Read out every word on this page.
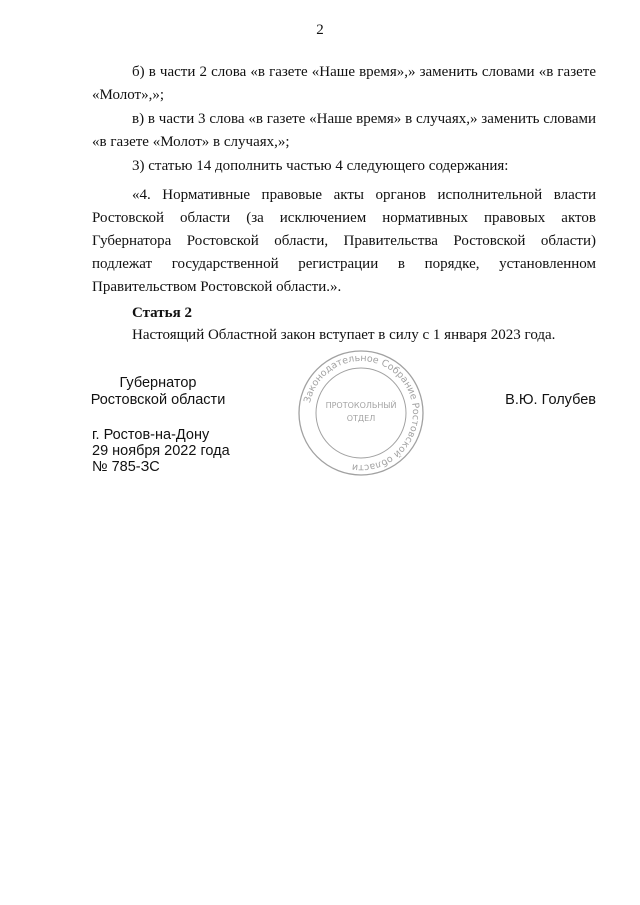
2

б) в части 2 слова «в газете «Наше время»,» заменить словами «в газете «Молот»,»;

в) в части 3 слова «в газете «Наше время» в случаях,» заменить словами «в газете «Молот» в случаях,»;

3) статью 14 дополнить частью 4 следующего содержания:

«4. Нормативные правовые акты органов исполнительной власти Ростовской области (за исключением нормативных правовых актов Губернатора Ростовской области, Правительства Ростовской области) подлежат государственной регистрации в порядке, установленном Правительством Ростовской области.».

Статья 2

Настоящий Областной закон вступает в силу с 1 января 2023 года.

Губернатор
Ростовской области	Законодательное Собрание Ростовской области
ПРОТОКОЛЬНЫЙ
ОТДЕЛ
В.Ю. Голубев
г. Ростов-на-Дону
29 ноября 2022 года
№ 785-ЗС
